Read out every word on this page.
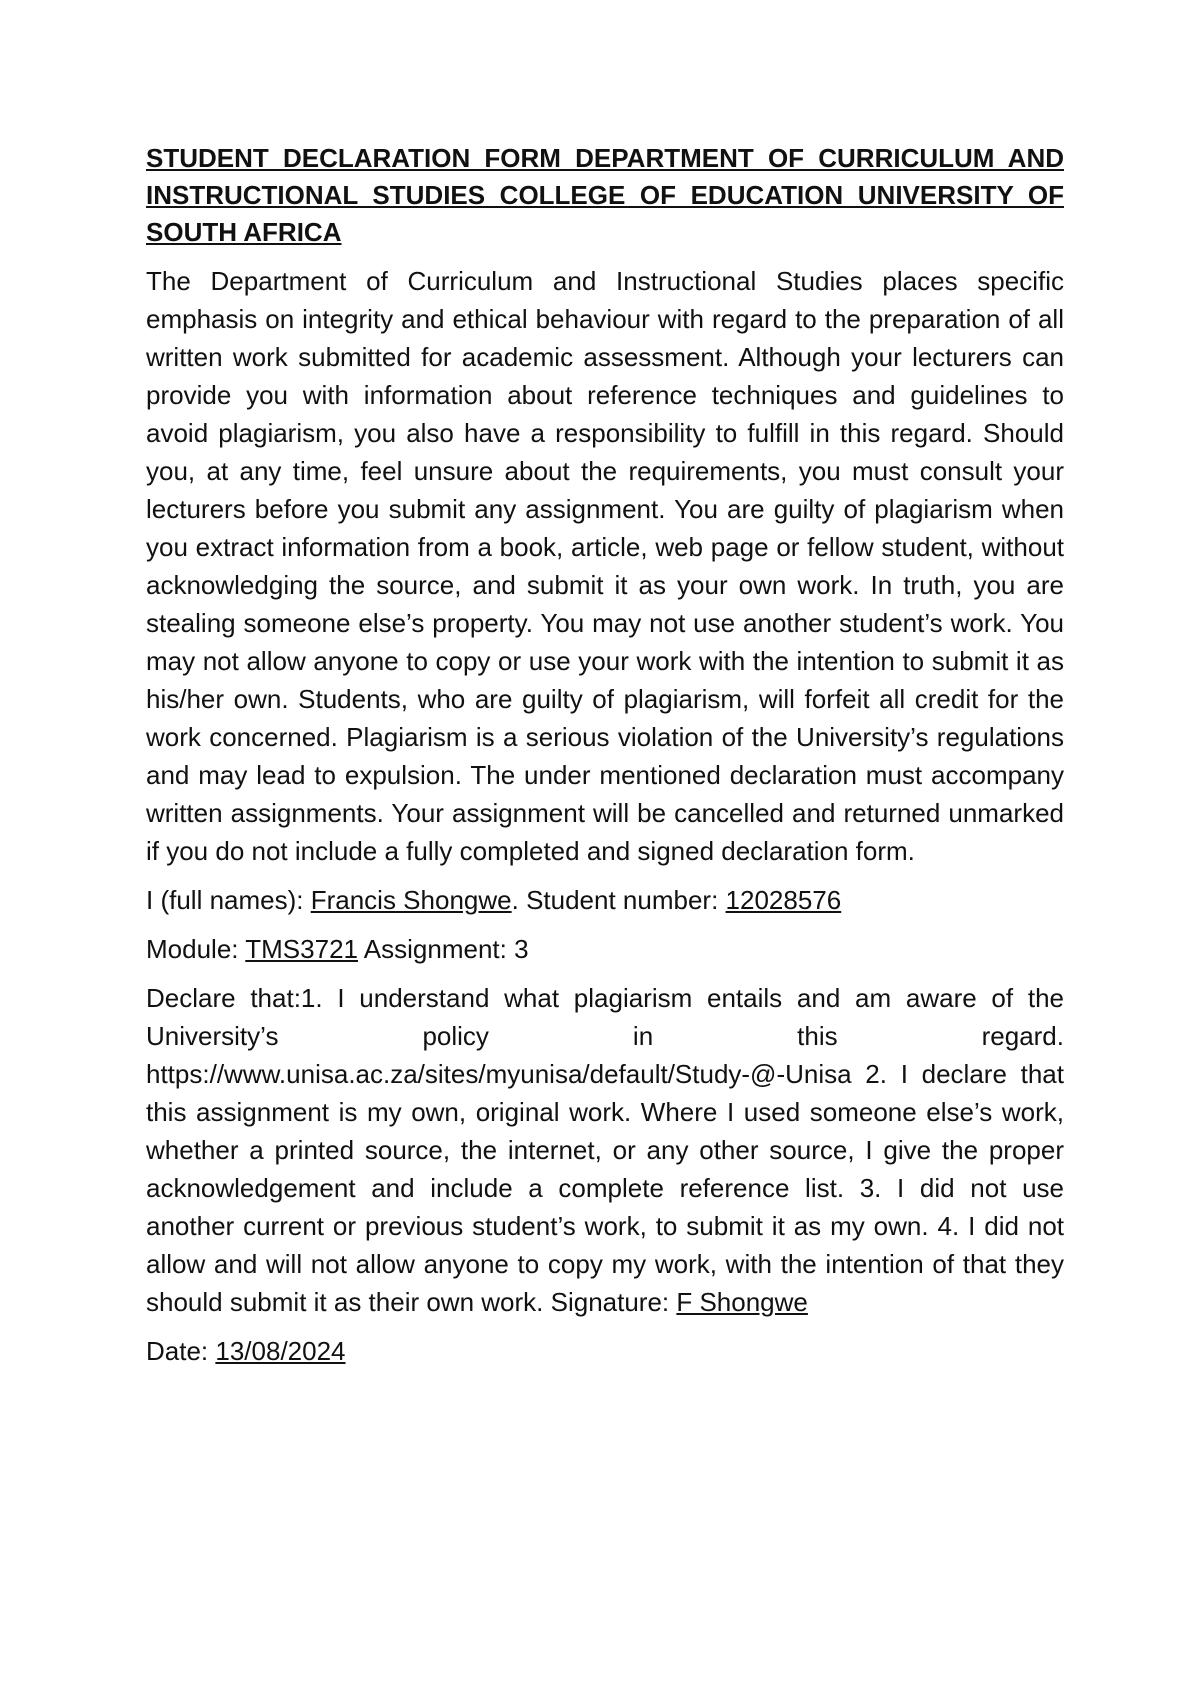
STUDENT DECLARATION FORM DEPARTMENT OF CURRICULUM AND INSTRUCTIONAL STUDIES COLLEGE OF EDUCATION UNIVERSITY OF SOUTH AFRICA

The Department of Curriculum and Instructional Studies places specific emphasis on integrity and ethical behaviour with regard to the preparation of all written work submitted for academic assessment. Although your lecturers can provide you with information about reference techniques and guidelines to avoid plagiarism, you also have a responsibility to fulfill in this regard. Should you, at any time, feel unsure about the requirements, you must consult your lecturers before you submit any assignment. You are guilty of plagiarism when you extract information from a book, article, web page or fellow student, without acknowledging the source, and submit it as your own work. In truth, you are stealing someone else’s property. You may not use another student’s work. You may not allow anyone to copy or use your work with the intention to submit it as his/her own. Students, who are guilty of plagiarism, will forfeit all credit for the work concerned. Plagiarism is a serious violation of the University’s regulations and may lead to expulsion. The under mentioned declaration must accompany written assignments. Your assignment will be cancelled and returned unmarked if you do not include a fully completed and signed declaration form.

I (full names): Francis Shongwe. Student number: 12028576

Module: TMS3721 Assignment: 3

Declare that:1. I understand what plagiarism entails and am aware of the University’s policy in this regard. https://www.unisa.ac.za/sites/myunisa/default/Study-@-Unisa 2. I declare that this assignment is my own, original work. Where I used someone else’s work, whether a printed source, the internet, or any other source, I give the proper acknowledgement and include a complete reference list. 3. I did not use another current or previous student’s work, to submit it as my own. 4. I did not allow and will not allow anyone to copy my work, with the intention of that they should submit it as their own work. Signature: F Shongwe

Date: 13/08/2024
